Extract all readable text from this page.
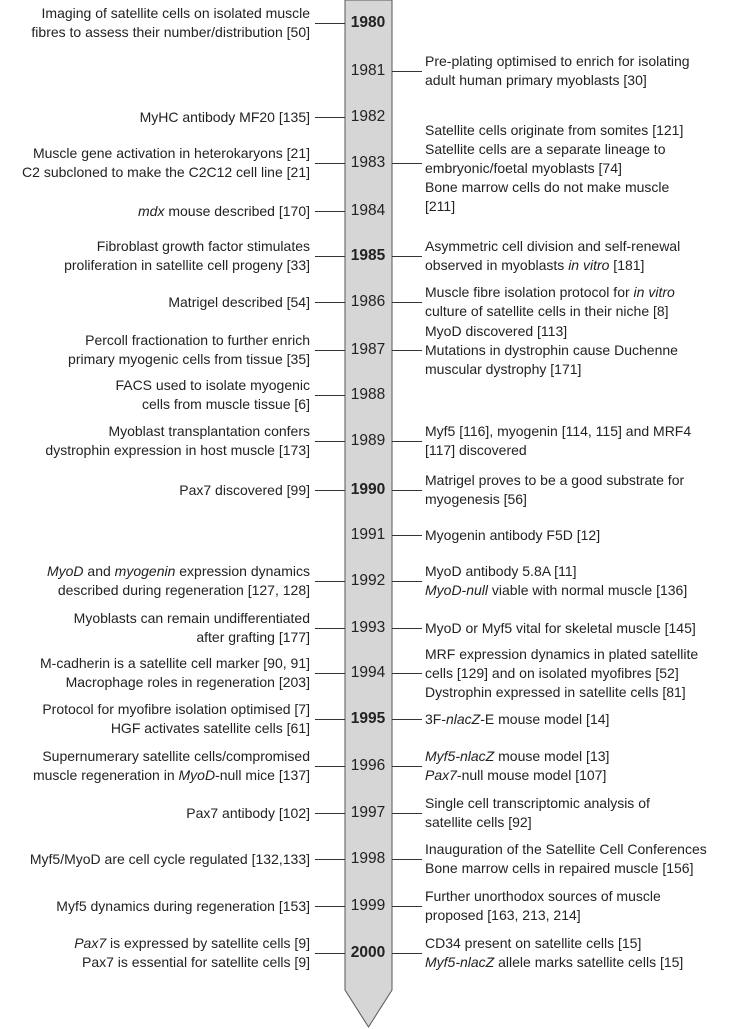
1980
Imaging of satellite cells on isolated muscle
fibres to assess their number/distribution [50]
1981
Pre-plating optimised to enrich for isolating
adult human primary myoblasts [30]
1982
MyHC antibody MF20 [135]
1983
Muscle gene activation in heterokaryons [21]
C2 subcloned to make the C2C12 cell line [21]
Satellite cells originate from somites [121]
Satellite cells are a separate lineage to
embryonic/foetal myoblasts [74]
Bone marrow cells do not make muscle
[211]
1984
mdx mouse described [170]
1985
Fibroblast growth factor stimulates
proliferation in satellite cell progeny [33]
Asymmetric cell division and self-renewal
observed in myoblasts in vitro [181]
1986
Matrigel described [54]
Muscle fibre isolation protocol for in vitro
culture of satellite cells in their niche [8]
1987
Percoll fractionation to further enrich
primary myogenic cells from tissue [35]
MyoD discovered [113]
Mutations in dystrophin cause Duchenne
muscular dystrophy [171]
1988
FACS used to isolate myogenic
cells from muscle tissue [6]
1989
Myoblast transplantation confers
dystrophin expression in host muscle [173]
Myf5 [116], myogenin [114, 115] and MRF4
[117] discovered
1990
Pax7 discovered [99]
Matrigel proves to be a good substrate for
myogenesis [56]
1991	Myogenin antibody F5D [12]
1992
MyoD and myogenin expression dynamics
described during regeneration [127, 128]
MyoD antibody 5.8A [11]
MyoD-null viable with normal muscle [136]
1993
Myoblasts can remain undifferentiated
after grafting [177]
MyoD or Myf5 vital for skeletal muscle [145]
1994
M-cadherin is a satellite cell marker [90, 91]
Macrophage roles in regeneration [203]
MRF expression dynamics in plated satellite
cells [129] and on isolated myofibres [52]
Dystrophin expressed in satellite cells [81]
1995
Protocol for myofibre isolation optimised [7]
HGF activates satellite cells [61]
3F-nlacZ-E mouse model [14]
1996
Supernumerary satellite cells/compromised
muscle regeneration in MyoD-null mice [137]
Myf5-nlacZ mouse model [13]
Pax7-null mouse model [107]
1997
Pax7 antibody [102]
Single cell transcriptomic analysis of
satellite cells [92]
1998
Myf5/MyoD are cell cycle regulated [132,133]
Inauguration of the Satellite Cell Conferences
Bone marrow cells in repaired muscle [156]
1999
Myf5 dynamics during regeneration [153]
Further unorthodox sources of muscle
proposed [163, 213, 214]
2000
Pax7 is expressed by satellite cells [9]
Pax7 is essential for satellite cells [9]
CD34 present on satellite cells [15]
Myf5-nlacZ allele marks satellite cells [15]
